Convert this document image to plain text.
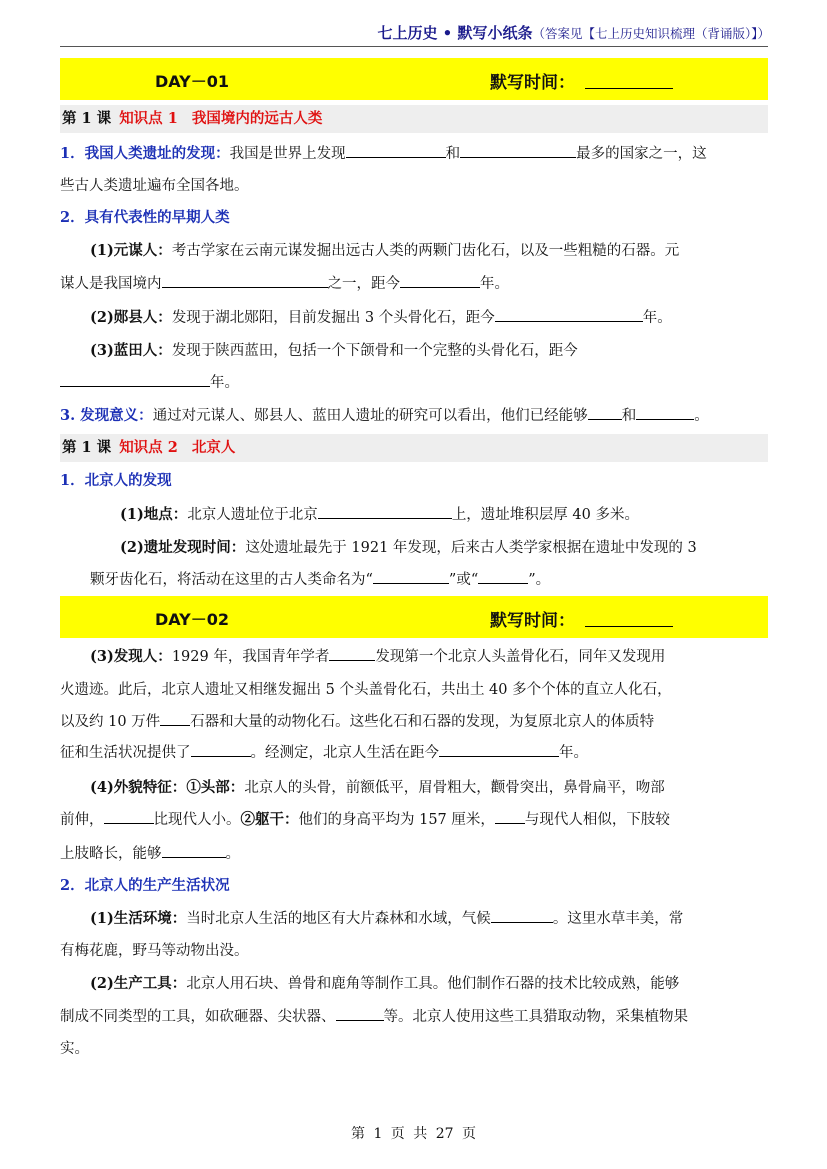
七上历史 • 默写小纸条（答案见【七上历史知识梳理（背诵版）】）
DAY－01	默写时间：
第 1 课 知识点 1 我国境内的远古人类
1．我国人类遗址的发现：我国是世界上发现	和	最多的国家之一，这
些古人类遗址遍布全国各地。
2．具有代表性的早期人类
(1)元谋人：考古学家在云南元谋发掘出远古人类的两颗门齿化石，以及一些粗糙的石器。元
谋人是我国境内	之一，距今	年。
(2)郧县人：发现于湖北郧阳，目前发掘出 3 个头骨化石，距今	年。
(3)蓝田人：发现于陕西蓝田，包括一个下颌骨和一个完整的头骨化石，距今
年。
3. 发现意义：通过对元谋人、郧县人、蓝田人遗址的研究可以看出，他们已经能够 和	。
第 1 课 知识点 2 北京人
1．北京人的发现
(1)地点：北京人遗址位于北京	上，遗址堆积层厚 40 多米。
(2)遗址发现时间：这处遗址最先于 1921 年发现，后来古人类学家根据在遗址中发现的 3
颗牙齿化石，将活动在这里的古人类命名为“	”或“	”。
DAY－02	默写时间：
(3)发现人：1929 年，我国青年学者	发现第一个北京人头盖骨化石，同年又发现用
火遗迹。此后，北京人遗址又相继发掘出 5 个头盖骨化石，共出土 40 多个个体的直立人化石，
以及约 10 万件 石器和大量的动物化石。这些化石和石器的发现，为复原北京人的体质特
征和生活状况提供了	。经测定，北京人生活在距今	年。
(4)外貌特征：①头部：北京人的头骨，前额低平，眉骨粗大，颧骨突出，鼻骨扁平，吻部
前伸，	比现代人小。②躯干：他们的身高平均为 157 厘米， 与现代人相似，下肢较
上肢略长，能够	。
2．北京人的生产生活状况
(1)生活环境：当时北京人生活的地区有大片森林和水域，气候	。这里水草丰美，常
有梅花鹿，野马等动物出没。
(2)生产工具：北京人用石块、兽骨和鹿角等制作工具。他们制作石器的技术比较成熟，能够
制成不同类型的工具，如砍砸器、尖状器、	等。北京人使用这些工具猎取动物，采集植物果
实。
第 1 页 共 27 页
